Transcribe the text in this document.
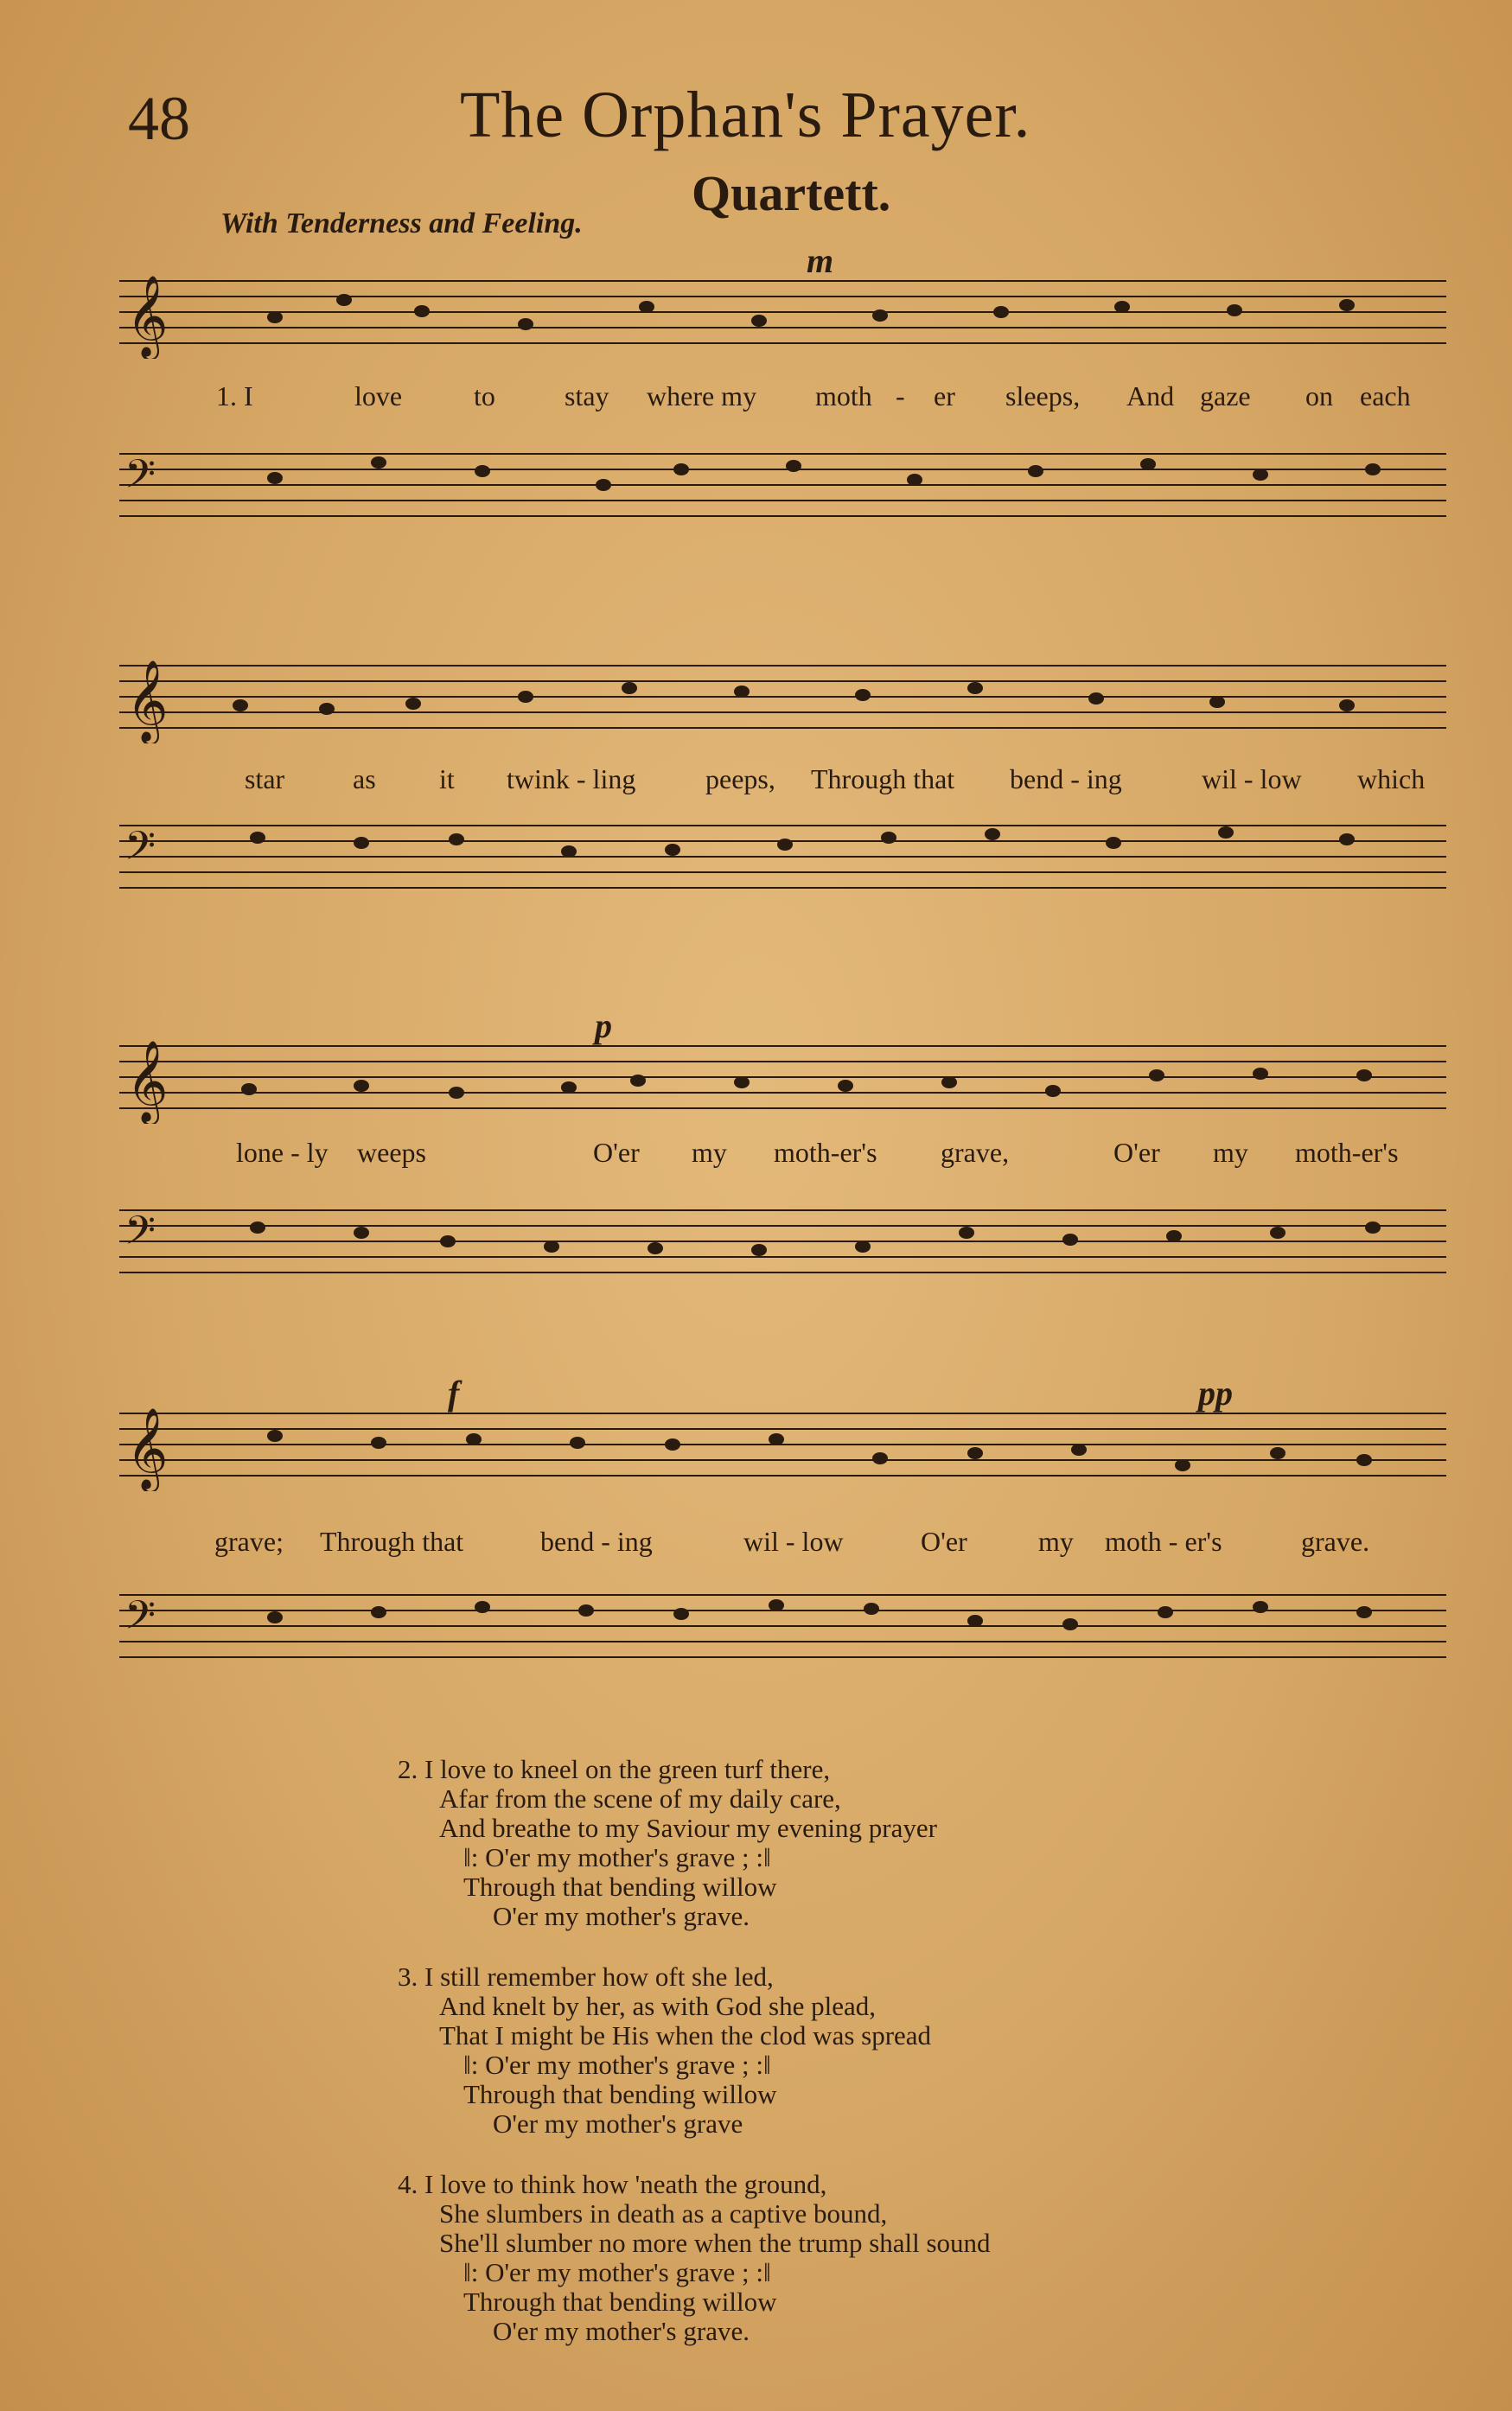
48	The Orphan's Prayer.
Quartett.
With Tenderness and Feeling.
𝄞
1. I	love	to	stay where my moth - er sleeps, And gaze on each
m
𝄢
𝄞
star as it twink - ling	peeps, Through that bend - ing	wil - low which
𝄢
𝄞
p
lone - ly weeps	O'er my moth-er's grave,	O'er my moth-er's
𝄢
𝄞
f	pp
grave; Through that	bend - ing	wil - low	O'er	my moth - er's	grave.
𝄢
2. I love to kneel on the green turf there,
Afar from the scene of my daily care,
And breathe to my Saviour my evening prayer
‖: O'er my mother's grave ; :‖
Through that bending willow
O'er my mother's grave.
3. I still remember how oft she led,
And knelt by her, as with God she plead,
That I might be His when the clod was spread
‖: O'er my mother's grave ; :‖
Through that bending willow
O'er my mother's grave
4. I love to think how 'neath the ground,
She slumbers in death as a captive bound,
She'll slumber no more when the trump shall sound
‖: O'er my mother's grave ; :‖
Through that bending willow
O'er my mother's grave.
